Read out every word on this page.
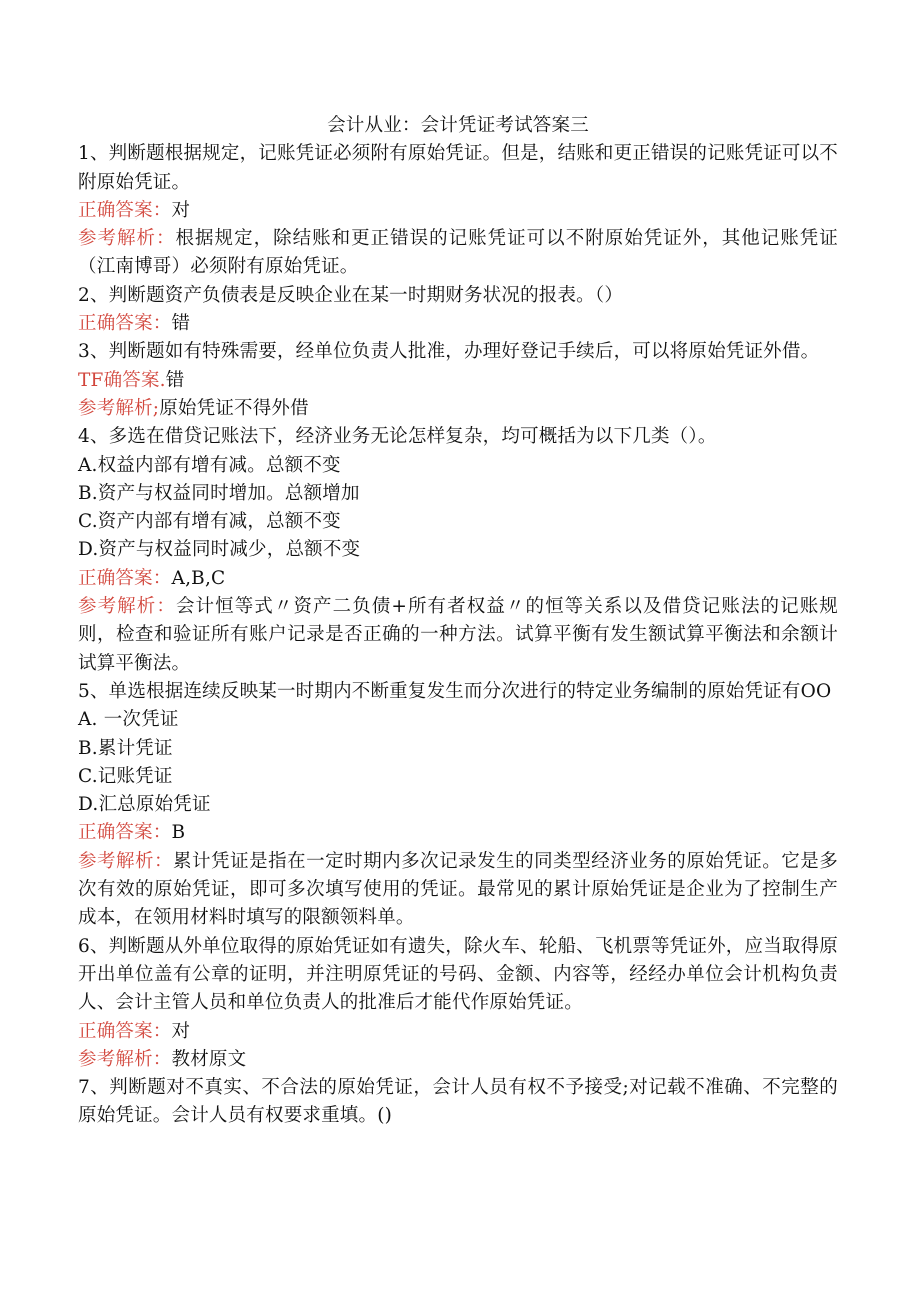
会计从业：会计凭证考试答案三

1、判断题根据规定，记账凭证必须附有原始凭证。但是，结账和更正错误的记账凭证可以不附原始凭证。

正确答案：对

参考解析：根据规定，除结账和更正错误的记账凭证可以不附原始凭证外，其他记账凭证（江南博哥）必须附有原始凭证。

2、判断题资产负债表是反映企业在某一时期财务状况的报表。（）

正确答案：错

3、判断题如有特殊需要，经单位负责人批准，办理好登记手续后，可以将原始凭证外借。

TF确答案.错

参考解析;原始凭证不得外借

4、多选在借贷记账法下，经济业务无论怎样复杂，均可概括为以下几类（）。

A.权益内部有增有减。总额不变

B.资产与权益同时增加。总额增加

C.资产内部有增有减，总额不变

D.资产与权益同时减少，总额不变

正确答案：A,B,C

参考解析：会计恒等式〃资产二负债+所有者权益〃的恒等关系以及借贷记账法的记账规则，检查和验证所有账户记录是否正确的一种方法。试算平衡有发生额试算平衡法和余额计试算平衡法。

5、单选根据连续反映某一时期内不断重复发生而分次进行的特定业务编制的原始凭证有OO

A. 一次凭证

B.累计凭证

C.记账凭证

D.汇总原始凭证

正确答案：B

参考解析：累计凭证是指在一定时期内多次记录发生的同类型经济业务的原始凭证。它是多次有效的原始凭证，即可多次填写使用的凭证。最常见的累计原始凭证是企业为了控制生产成本，在领用材料时填写的限额领料单。

6、判断题从外单位取得的原始凭证如有遗失，除火车、轮船、飞机票等凭证外，应当取得原开出单位盖有公章的证明，并注明原凭证的号码、金额、内容等，经经办单位会计机构负责人、会计主管人员和单位负责人的批准后才能代作原始凭证。

正确答案：对

参考解析：教材原文

7、判断题对不真实、不合法的原始凭证，会计人员有权不予接受;对记载不准确、不完整的原始凭证。会计人员有权要求重填。()
